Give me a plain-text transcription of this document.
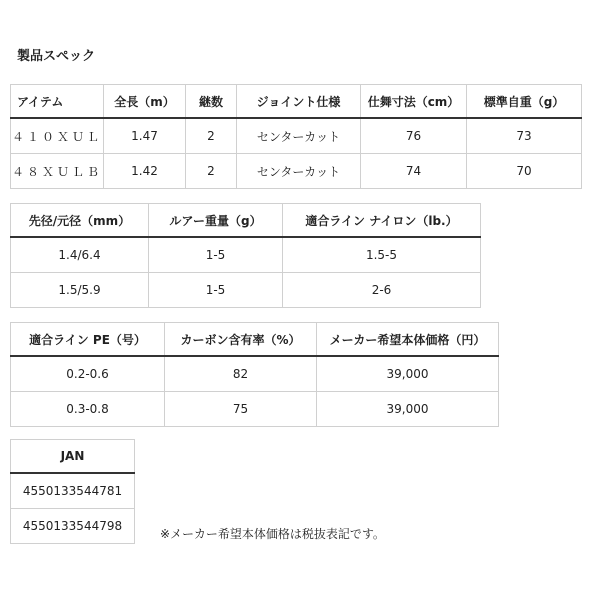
製品スペック
アイテム	全長（m）	継数	ジョイント仕様	仕舞寸法（cm）	標準自重（g）
４１０ＸＵＬ	1.47	2	センターカット	76	73
４８ＸＵＬＢ	1.42	2	センターカット	74	70
先径/元径（mm）	ルアー重量（g）	適合ライン ナイロン（lb.）
1.4/6.4	1-5	1.5-5
1.5/5.9	1-5	2-6
適合ライン PE（号）	カーボン含有率（%）	メーカー希望本体価格（円）
0.2-0.6	82	39,000
0.3-0.8	75	39,000
JAN
4550133544781
4550133544798
※メーカー希望本体価格は税抜表記です。
